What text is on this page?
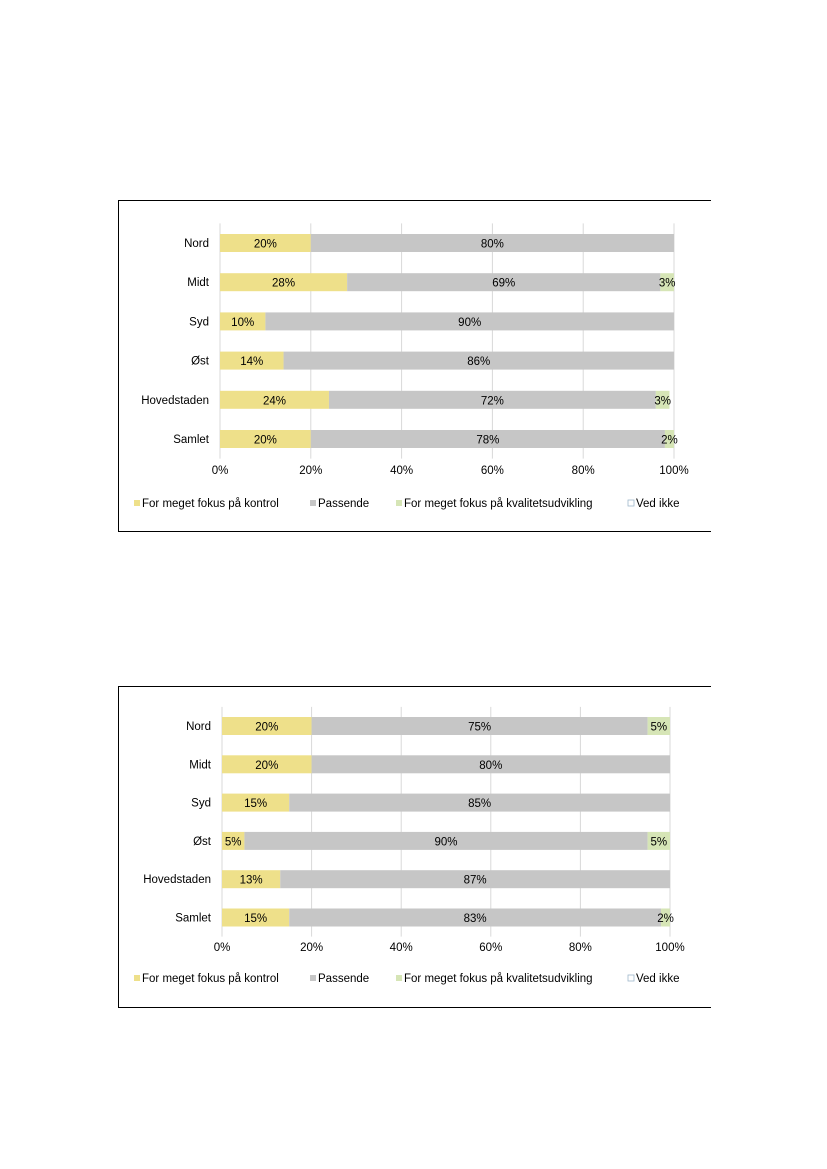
Nord	20%	80%
Midt	28%	69%	3%
Syd 10%	90%
Øst	14%	86%
Hovedstaden	24%	72%	3%
Samlet	20%	78%	2%
0%	20%	40%	60%	80%	100%
For meget fokus på kontrol	Passende	For meget fokus på kvalitetsudvikling	Ved ikke
Nord	20%	75%	5%
Midt	20%	80%
Syd	15%	85%
Øst 5%	90%	5%
Hovedstaden 13%	87%
Samlet	15%	83%	2%
0%	20%	40%	60%	80%	100%
For meget fokus på kontrol	Passende	For meget fokus på kvalitetsudvikling	Ved ikke
